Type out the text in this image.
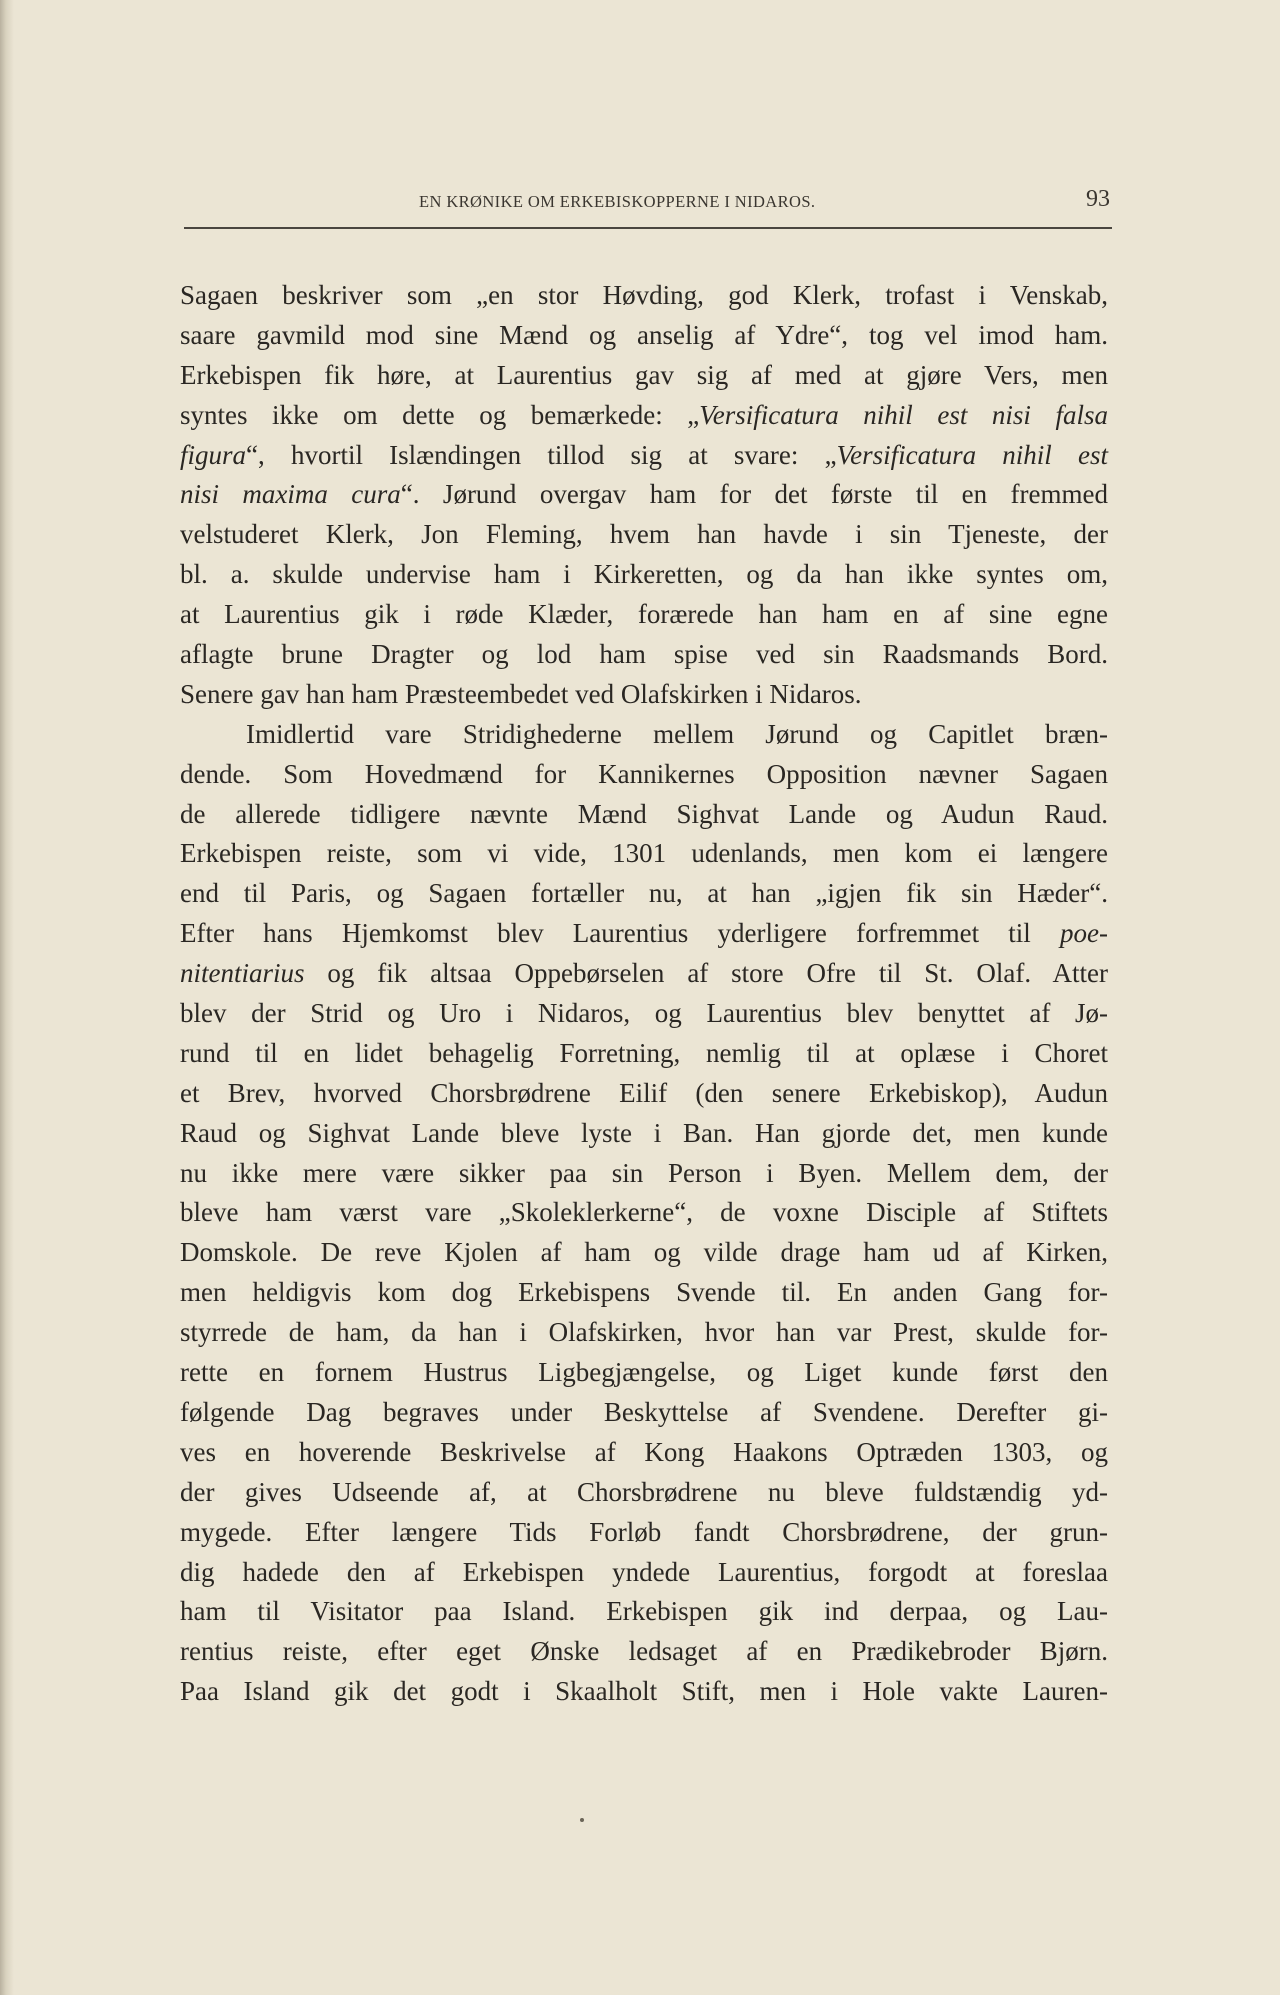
EN KRØNIKE OM ERKEBISKOPPERNE I NIDAROS.	93
Sagaen beskriver som „en stor Høvding, god Klerk, trofast i Venskab,
saare gavmild mod sine Mænd og anselig af Ydre“, tog vel imod ham.
Erkebispen fik høre, at Laurentius gav sig af med at gjøre Vers, men
syntes ikke om dette og bemærkede: „Versificatura nihil est nisi falsa
figura“, hvortil Islændingen tillod sig at svare: „Versificatura nihil est
nisi maxima cura“. Jørund overgav ham for det første til en fremmed
velstuderet Klerk, Jon Fleming, hvem han havde i sin Tjeneste, der
bl. a. skulde undervise ham i Kirkeretten, og da han ikke syntes om,
at Laurentius gik i røde Klæder, forærede han ham en af sine egne
aflagte brune Dragter og lod ham spise ved sin Raadsmands Bord.
Senere gav han ham Præsteembedet ved Olafskirken i Nidaros.
Imidlertid vare Stridighederne mellem Jørund og Capitlet bræn-
dende. Som Hovedmænd for Kannikernes Opposition nævner Sagaen
de allerede tidligere nævnte Mænd Sighvat Lande og Audun Raud.
Erkebispen reiste, som vi vide, 1301 udenlands, men kom ei længere
end til Paris, og Sagaen fortæller nu, at han „igjen fik sin Hæder“.
Efter hans Hjemkomst blev Laurentius yderligere forfremmet til poe-
nitentiarius og fik altsaa Oppebørselen af store Ofre til St. Olaf. Atter
blev der Strid og Uro i Nidaros, og Laurentius blev benyttet af Jø-
rund til en lidet behagelig Forretning, nemlig til at oplæse i Choret
et Brev, hvorved Chorsbrødrene Eilif (den senere Erkebiskop), Audun
Raud og Sighvat Lande bleve lyste i Ban. Han gjorde det, men kunde
nu ikke mere være sikker paa sin Person i Byen. Mellem dem, der
bleve ham værst vare „Skoleklerkerne“, de voxne Disciple af Stiftets
Domskole. De reve Kjolen af ham og vilde drage ham ud af Kirken,
men heldigvis kom dog Erkebispens Svende til. En anden Gang for-
styrrede de ham, da han i Olafskirken, hvor han var Prest, skulde for-
rette en fornem Hustrus Ligbegjængelse, og Liget kunde først den
følgende Dag begraves under Beskyttelse af Svendene. Derefter gi-
ves en hoverende Beskrivelse af Kong Haakons Optræden 1303, og
der gives Udseende af, at Chorsbrødrene nu bleve fuldstændig yd-
mygede. Efter længere Tids Forløb fandt Chorsbrødrene, der grun-
dig hadede den af Erkebispen yndede Laurentius, forgodt at foreslaa
ham til Visitator paa Island. Erkebispen gik ind derpaa, og Lau-
rentius reiste, efter eget Ønske ledsaget af en Prædikebroder Bjørn.
Paa Island gik det godt i Skaalholt Stift, men i Hole vakte Lauren-
